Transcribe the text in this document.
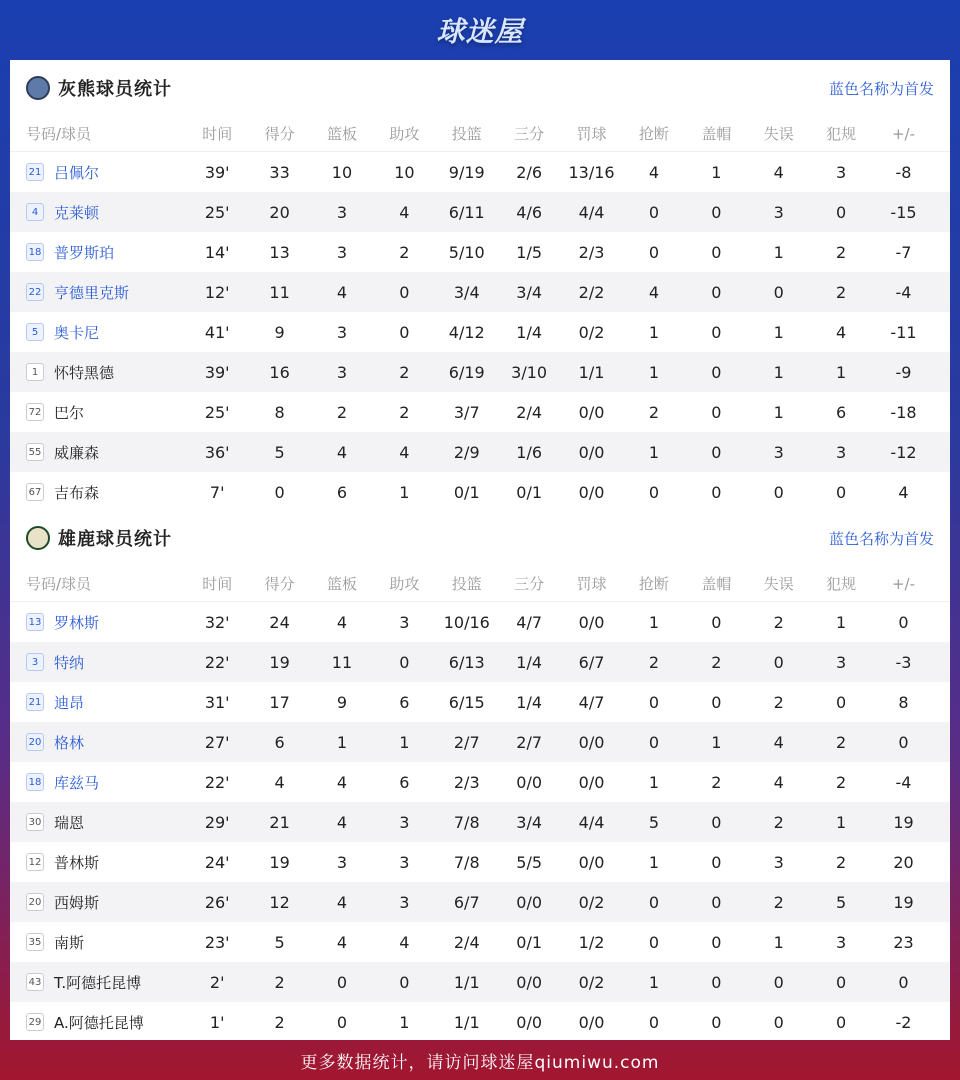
球迷屋
灰熊球员统计	蓝色名称为首发
号码/球员	时间	得分	篮板	助攻	投篮	三分	罚球	抢断	盖帽	失误	犯规	+/-
21 吕佩尔	39'	33	10	10	9/19	2/6	13/16	4	1	4	3	-8
4	克莱顿	25'	20	3	4	6/11	4/6	4/4	0	0	3	0	-15
18 普罗斯珀	14'	13	3	2	5/10	1/5	2/3	0	0	1	2	-7
22 亨德里克斯	12'	11	4	0	3/4	3/4	2/2	4	0	0	2	-4
5	奥卡尼	41'	9	3	0	4/12	1/4	0/2	1	0	1	4	-11
1	怀特黑德	39'	16	3	2	6/19	3/10	1/1	1	0	1	1	-9
72 巴尔	25'	8	2	2	3/7	2/4	0/0	2	0	1	6	-18
55 威廉森	36'	5	4	4	2/9	1/6	0/0	1	0	3	3	-12
67 吉布森	7'	0	6	1	0/1	0/1	0/0	0	0	0	0	4
雄鹿球员统计	蓝色名称为首发
号码/球员	时间	得分	篮板	助攻	投篮	三分	罚球	抢断	盖帽	失误	犯规	+/-
13 罗林斯	32'	24	4	3	10/16	4/7	0/0	1	0	2	1	0
3	特纳	22'	19	11	0	6/13	1/4	6/7	2	2	0	3	-3
21 迪昂	31'	17	9	6	6/15	1/4	4/7	0	0	2	0	8
20 格林	27'	6	1	1	2/7	2/7	0/0	0	1	4	2	0
18 库兹马	22'	4	4	6	2/3	0/0	0/0	1	2	4	2	-4
30 瑞恩	29'	21	4	3	7/8	3/4	4/4	5	0	2	1	19
12 普林斯	24'	19	3	3	7/8	5/5	0/0	1	0	3	2	20
20 西姆斯	26'	12	4	3	6/7	0/0	0/2	0	0	2	5	19
35 南斯	23'	5	4	4	2/4	0/1	1/2	0	0	1	3	23
43 T.阿德托昆博	2'	2	0	0	1/1	0/0	0/2	1	0	0	0	0
29 A.阿德托昆博	1'	2	0	1	1/1	0/0	0/0	0	0	0	0	-2
更多数据统计，请访问球迷屋qiumiwu.com
